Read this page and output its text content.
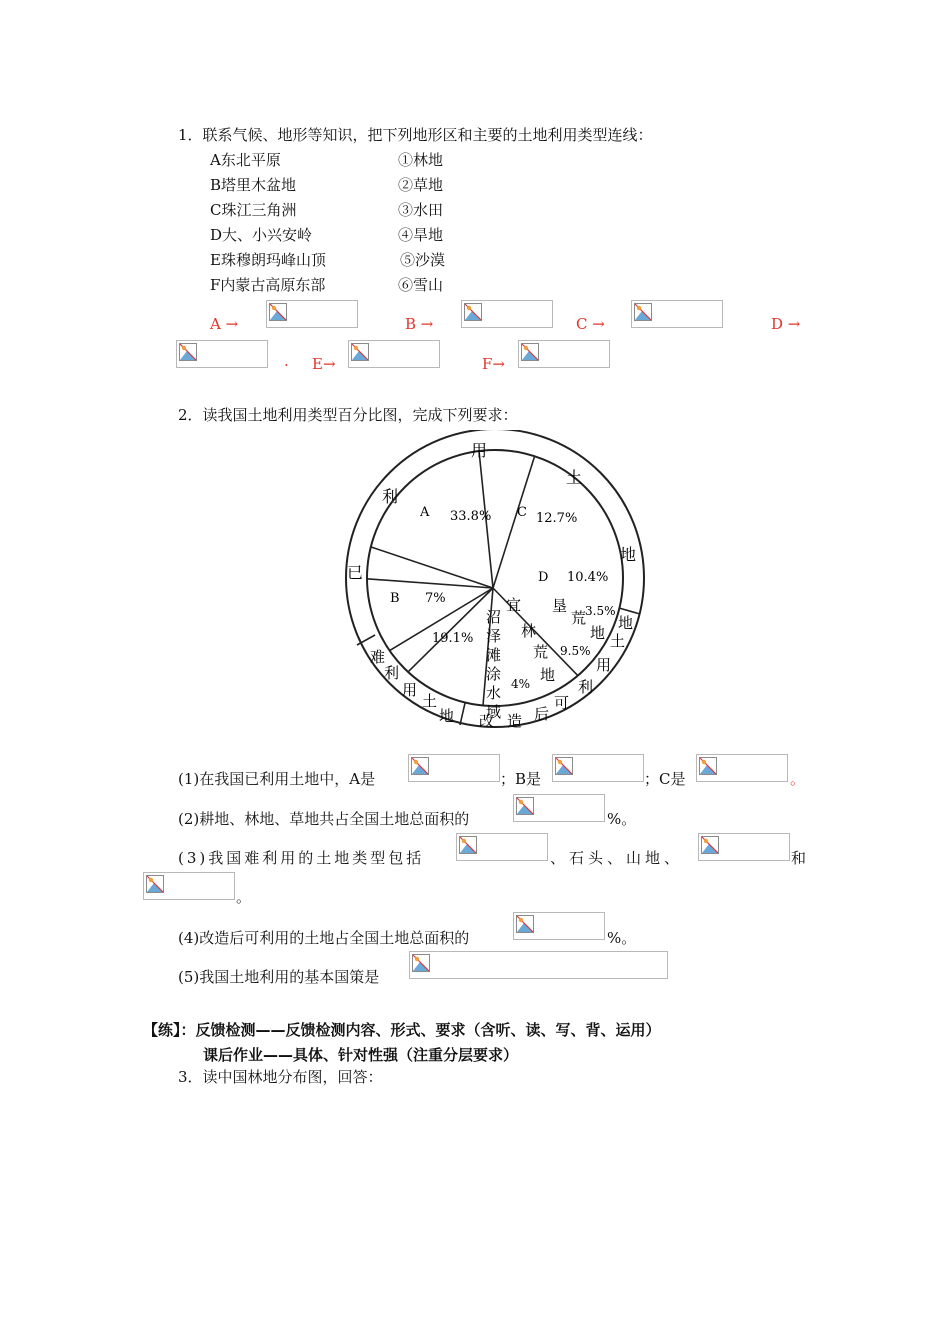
1．联系气候、地形等知识，把下列地形区和主要的土地利用类型连线：
A东北平原
B塔里木盆地
C珠江三角洲
D大、小兴安岭
E珠穆朗玛峰山顶
F内蒙古高原东部
①林地
②草地
③水田
④旱地
⑤沙漠
⑥雪山
A →	B →	C →	D →
. E→	F→
2．读我国土地利用类型百分比图，完成下列要求：
A 33.8% C 12.7%
D 10.4%
3.5%
9.5%
4%
19.1%
B 7%	宜 垦
荒
地
林
荒
地
沼
泽
滩
涂
水
域
用
土
地
利
已
地
土
用
利
可
后
造
改
地
土
用
利
难
(1)在我国已利用土地中，A是	；B是	；C是	。
(2)耕地、林地、草地共占全国土地总面积的	%。
(3)我国难利用的土地类型包括	、石头、山地、	和
。
(4)改造后可利用的土地占全国土地总面积的	%。
(5)我国土地利用的基本国策是
【练】：反馈检测——反馈检测内容、形式、要求（含听、读、写、背、运用）
课后作业——具体、针对性强（注重分层要求）
3．读中国林地分布图，回答：
